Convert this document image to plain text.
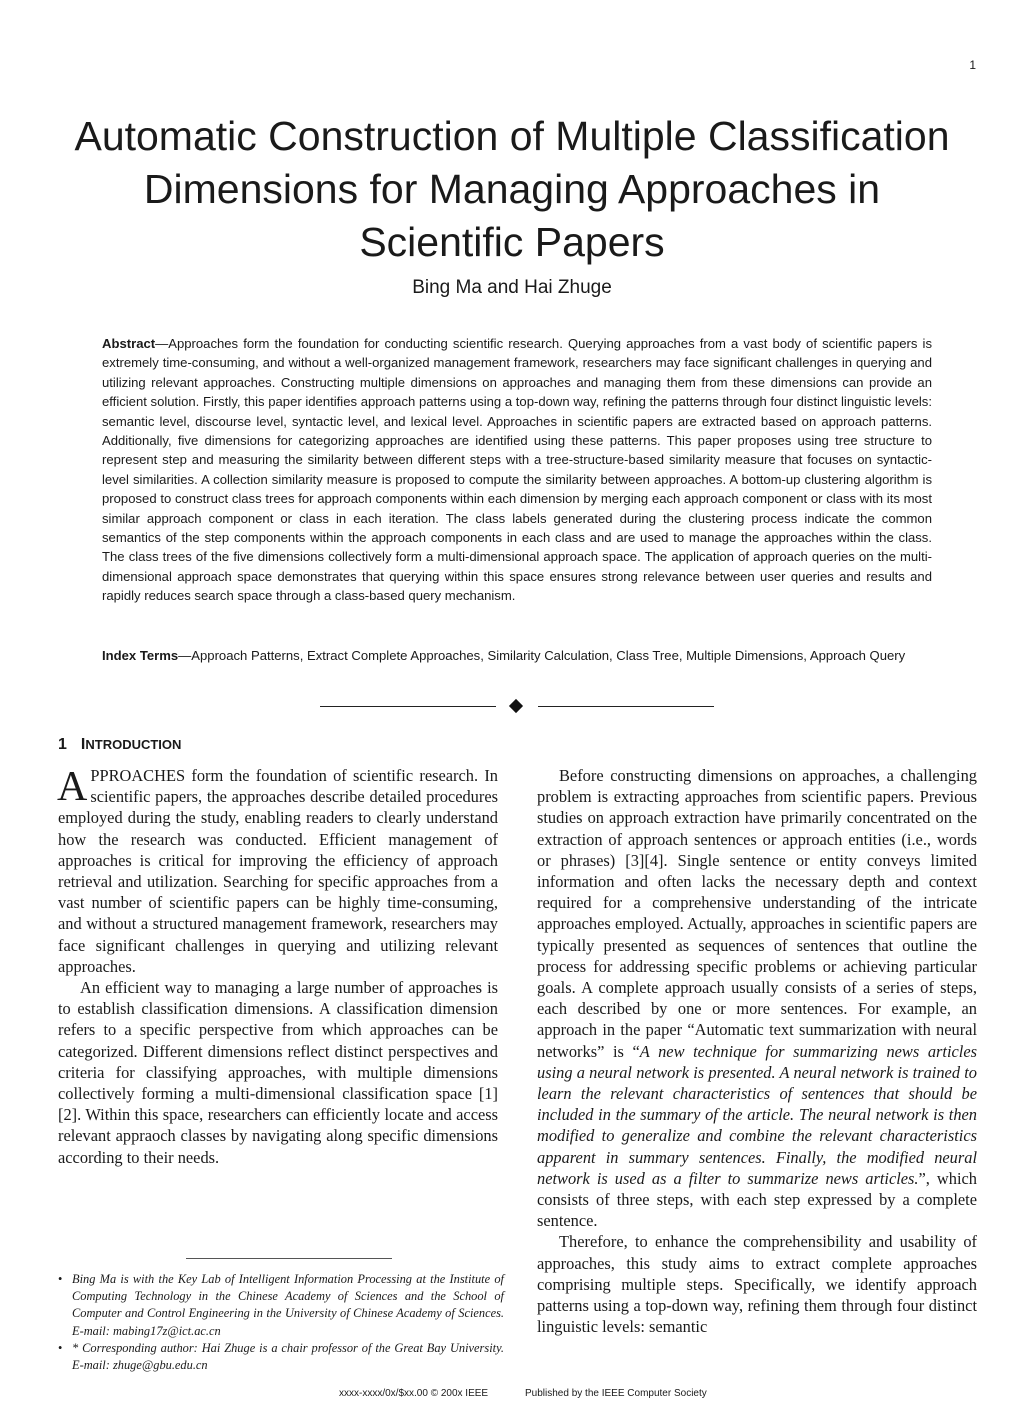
1
Automatic Construction of Multiple Classification Dimensions for Managing Approaches in Scientific Papers
Bing Ma and Hai Zhuge

Abstract—Approaches form the foundation for conducting scientific research. Querying approaches from a vast body of scientific papers is extremely time-consuming, and without a well-organized management framework, researchers may face significant challenges in querying and utilizing relevant approaches. Constructing multiple dimensions on approaches and managing them from these dimensions can provide an efficient solution. Firstly, this paper identifies approach patterns using a top-down way, refining the patterns through four distinct linguistic levels: semantic level, discourse level, syntactic level, and lexical level. Approaches in scientific papers are extracted based on approach patterns. Additionally, five dimensions for categorizing approaches are identified using these patterns. This paper proposes using tree structure to represent step and measuring the similarity between different steps with a tree-structure-based similarity measure that focuses on syntactic-level similarities. A collection similarity measure is proposed to compute the similarity between approaches. A bottom-up clustering algorithm is proposed to construct class trees for approach components within each dimension by merging each approach component or class with its most similar approach component or class in each iteration. The class labels generated during the clustering process indicate the common semantics of the step components within the approach components in each class and are used to manage the approaches within the class. The class trees of the five dimensions collectively form a multi-dimensional approach space. The application of approach queries on the multi-dimensional approach space demonstrates that querying within this space ensures strong relevance between user queries and results and rapidly reduces search space through a class-based query mechanism.

Index Terms—Approach Patterns, Extract Complete Approaches, Similarity Calculation, Class Tree, Multiple Dimensions, Approach Query

1 INTRODUCTION

APPROACHES form the foundation of scientific research. In scientific papers, the approaches describe detailed procedures employed during the study, enabling readers to clearly understand how the research was conducted. Efficient management of approaches is critical for improving the efficiency of approach retrieval and utilization. Searching for specific approaches from a vast number of scientific papers can be highly time-consuming, and without a structured management framework, researchers may face significant challenges in querying and utilizing relevant approaches.

An efficient way to managing a large number of approaches is to establish classification dimensions. A classification dimension refers to a specific perspective from which approaches can be categorized. Different dimensions reflect distinct perspectives and criteria for classifying approaches, with multiple dimensions collectively forming a multi-dimensional classification space [1][2]. Within this space, researchers can efficiently locate and access relevant appraoch classes by navigating along specific dimensions according to their needs.

Before constructing dimensions on approaches, a challenging problem is extracting approaches from scientific papers. Previous studies on approach extraction have primarily concentrated on the extraction of approach sentences or approach entities (i.e., words or phrases) [3][4]. Single sentence or entity conveys limited information and often lacks the necessary depth and context required for a comprehensive understanding of the intricate approaches employed. Actually, approaches in scientific papers are typically presented as sequences of sentences that outline the process for addressing specific problems or achieving particular goals. A complete approach usually consists of a series of steps, each described by one or more sentences. For example, an approach in the paper “Automatic text summarization with neural networks” is “A new technique for summarizing news articles using a neural network is presented. A neural network is trained to learn the relevant characteristics of sentences that should be included in the summary of the article. The neural network is then modified to generalize and combine the relevant characteristics apparent in summary sentences. Finally, the modified neural network is used as a filter to summarize news articles.”, which consists of three steps, with each step expressed by a complete sentence.

Therefore, to enhance the comprehensibility and usability of approaches, this study aims to extract complete approaches comprising multiple steps. Specifically, we identify approach patterns using a top-down way, refining them through four distinct linguistic levels: semantic

• Bing Ma is with the Key Lab of Intelligent Information Processing at the Institute of Computing Technology in the Chinese Academy of Sciences and the School of Computer and Control Engineering in the University of Chinese Academy of Sciences. E-mail: mabing17z@ict.ac.cn
• * Corresponding author: Hai Zhuge is a chair professor of the Great Bay University. E-mail: zhuge@gbu.edu.cn
xxxx-xxxx/0x/$xx.00 © 200x IEEE	Published by the IEEE Computer Society
